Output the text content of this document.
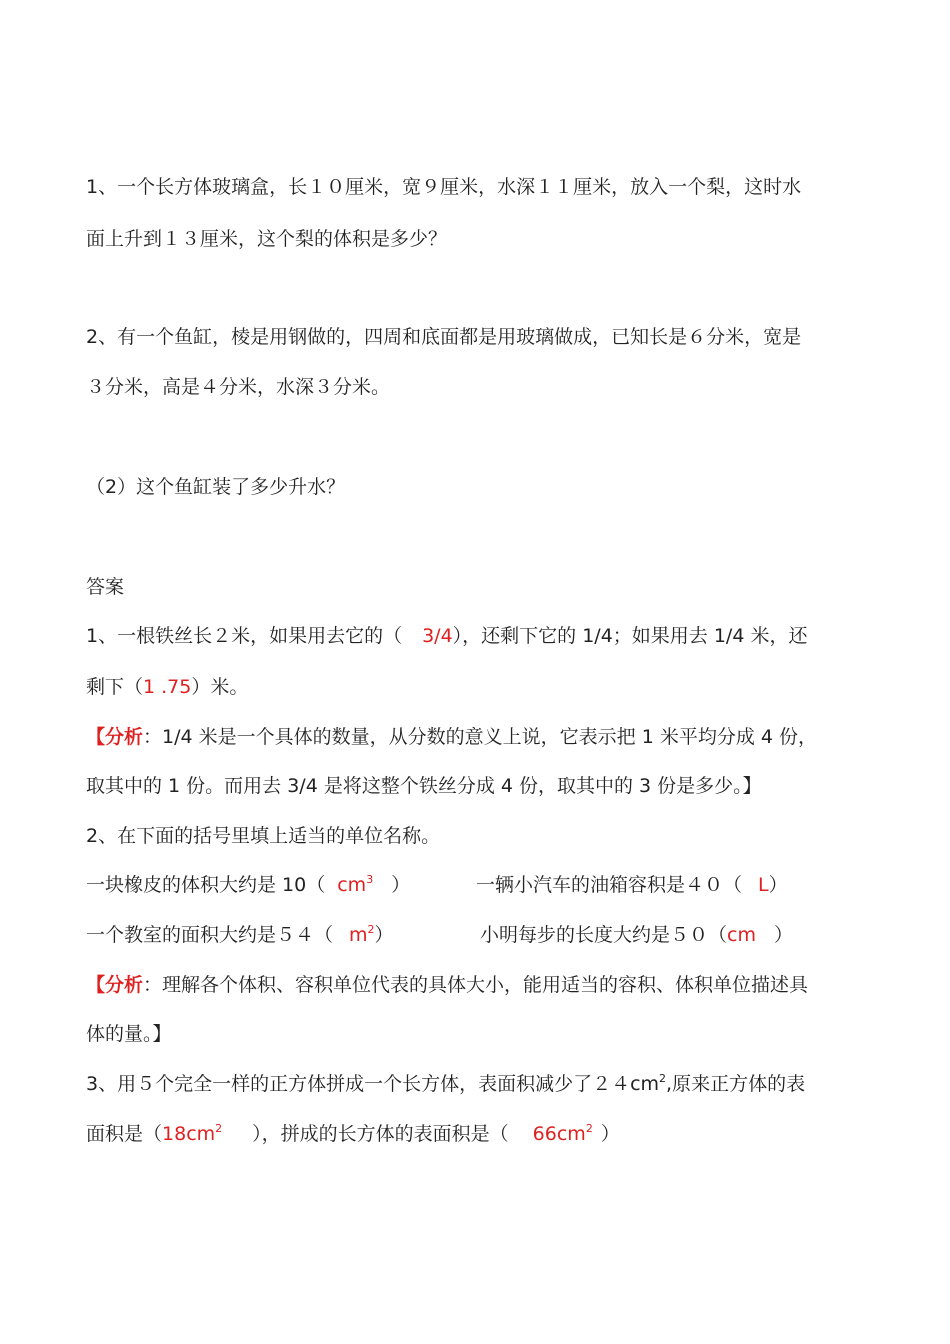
1、一个长方体玻璃盒，长１０厘米，宽９厘米，水深１１厘米，放入一个梨，这时水
面上升到１３厘米，这个梨的体积是多少？
2、有一个鱼缸，棱是用钢做的，四周和底面都是用玻璃做成，已知长是６分米，宽是
３分米，高是４分米，水深３分米。
（2）这个鱼缸装了多少升水？
答案
1、一根铁丝长２米，如果用去它的（ 3/4），还剩下它的 1/4；如果用去 1/4 米，还
剩下（1 .75）米。
【分析：1/4 米是一个具体的数量，从分数的意义上说，它表示把 1 米平均分成 4 份，
取其中的 1 份。而用去 3/4 是将这整个铁丝分成 4 份，取其中的 3 份是多少。】
2、在下面的括号里填上适当的单位名称。
一块橡皮的体积大约是 10（ $cm^3$ ）	一辆小汽车的油箱容积是４０（ L）
一个教室的面积大约是５４（ $m^2$）	小明每步的长度大约是５０（cm ）
【分析：理解各个体积、容积单位代表的具体大小，能用适当的容积、体积单位描述具
体的量。】
3、用５个完全一样的正方体拼成一个长方体，表面积减少了$24cm^2$,原来正方体的表
面积是（$18cm^2$ ），拼成的长方体的表面积是（ $66cm^2$ ）
